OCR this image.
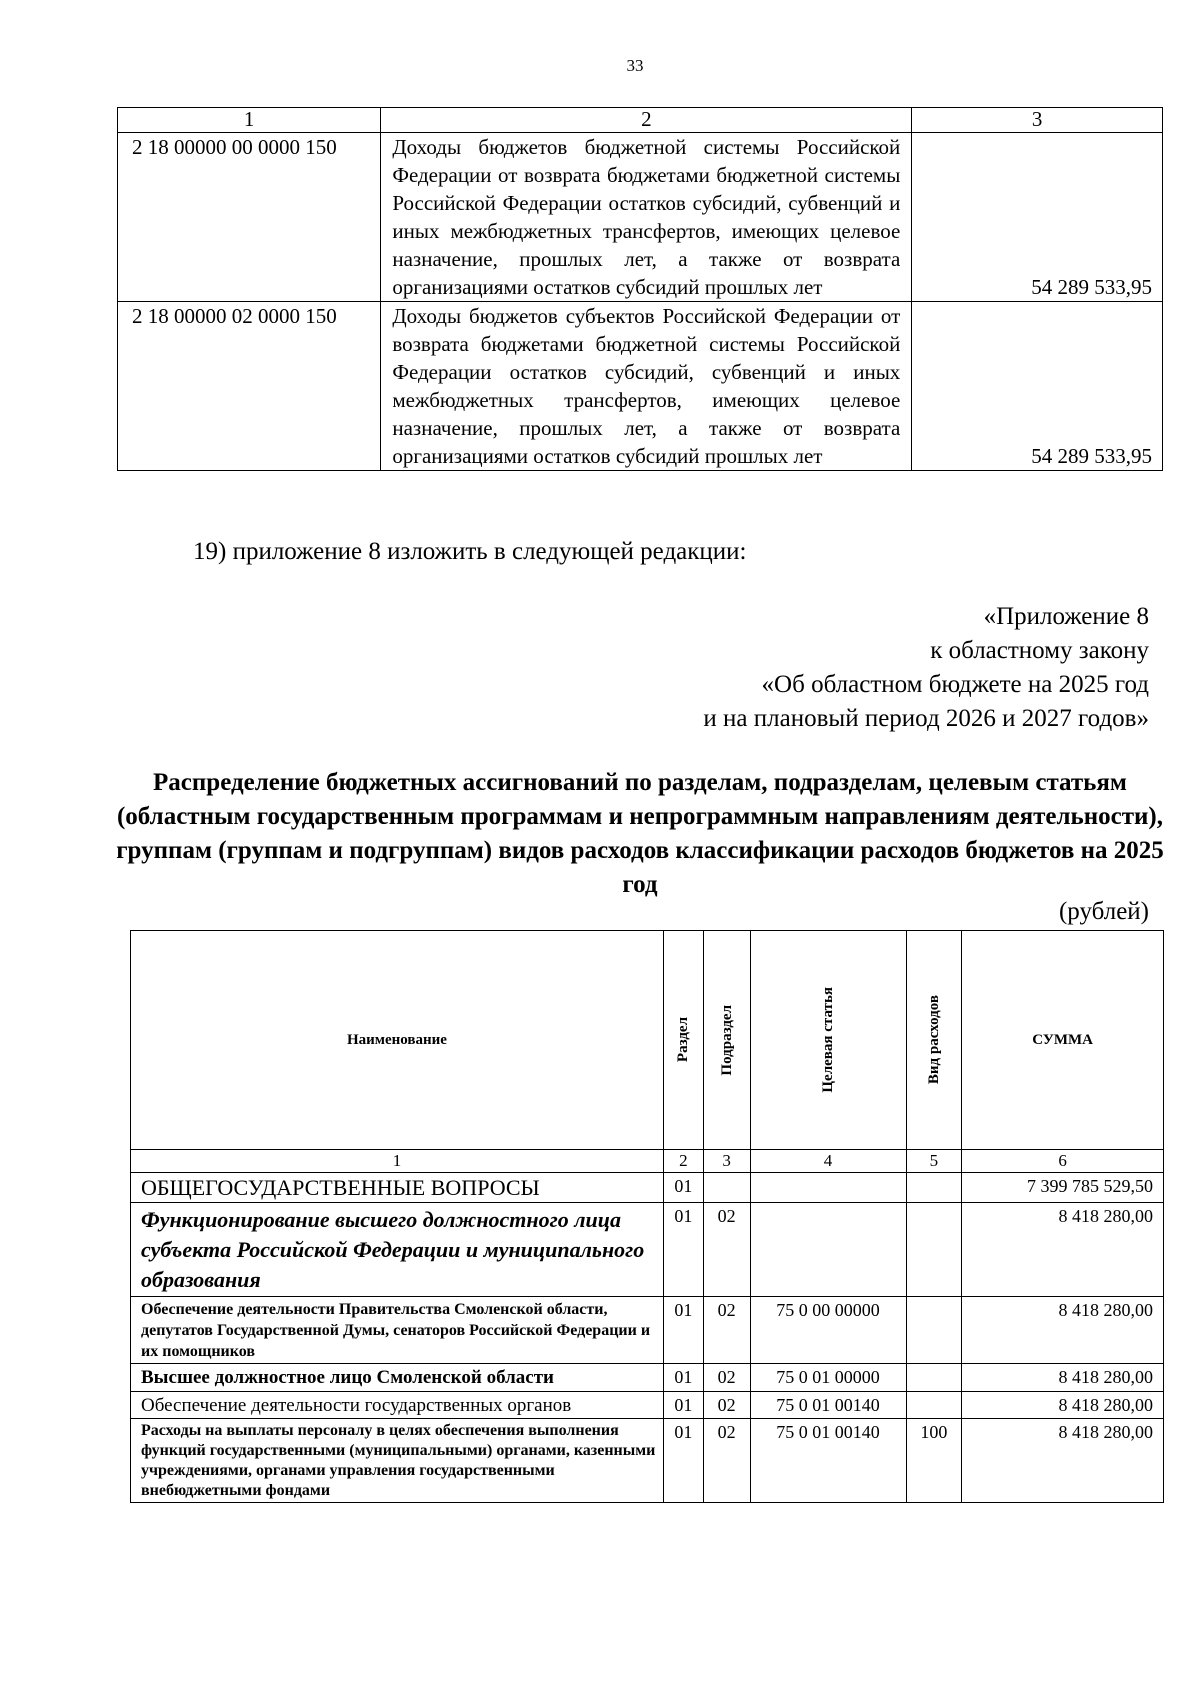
33
1	2	3
2 18 00000 00 0000 150	Доходы бюджетов бюджетной системы Российской Федерации от возврата бюджетами бюджетной системы Российской Федерации остатков субсидий, субвенций и иных межбюджетных трансфертов, имеющих целевое назначение, прошлых лет, а также от возврата организациями остатков субсидий прошлых лет	54 289 533,95
2 18 00000 02 0000 150	Доходы бюджетов субъектов Российской Федерации от возврата бюджетами бюджетной системы Российской Федерации остатков субсидий, субвенций и иных межбюджетных трансфертов, имеющих целевое назначение, прошлых лет, а также от возврата организациями остатков субсидий прошлых лет	54 289 533,95
19) приложение 8 изложить в следующей редакции:
«Приложение 8
к областному закону
«Об областном бюджете на 2025 год
и на плановый период 2026 и 2027 годов»
Распределение бюджетных ассигнований по разделам, подразделам, целевым статьям (областным государственным программам и непрограммным направлениям деятельности), группам (группам и подгруппам) видов расходов классификации расходов бюджетов на 2025 год
(рублей)
Наименование	Раздел	Подраздел	Целевая статья	Вид расходов	СУММА
1	2	3	4	5	6
ОБЩЕГОСУДАРСТВЕННЫЕ ВОПРОСЫ	01				7 399 785 529,50
Функционирование высшего должностного лица субъекта Российской Федерации и муниципального образования	01	02			8 418 280,00
Обеспечение деятельности Правительства Смоленской области, депутатов Государственной Думы, сенаторов Российской Федерации и их помощников	01	02	75 0 00 00000		8 418 280,00
Высшее должностное лицо Смоленской области	01	02	75 0 01 00000		8 418 280,00
Обеспечение деятельности государственных органов	01	02	75 0 01 00140		8 418 280,00
Расходы на выплаты персоналу в целях обеспечения выполнения функций государственными (муниципальными) органами, казенными учреждениями, органами управления государственными внебюджетными фондами	01	02	75 0 01 00140	100	8 418 280,00
